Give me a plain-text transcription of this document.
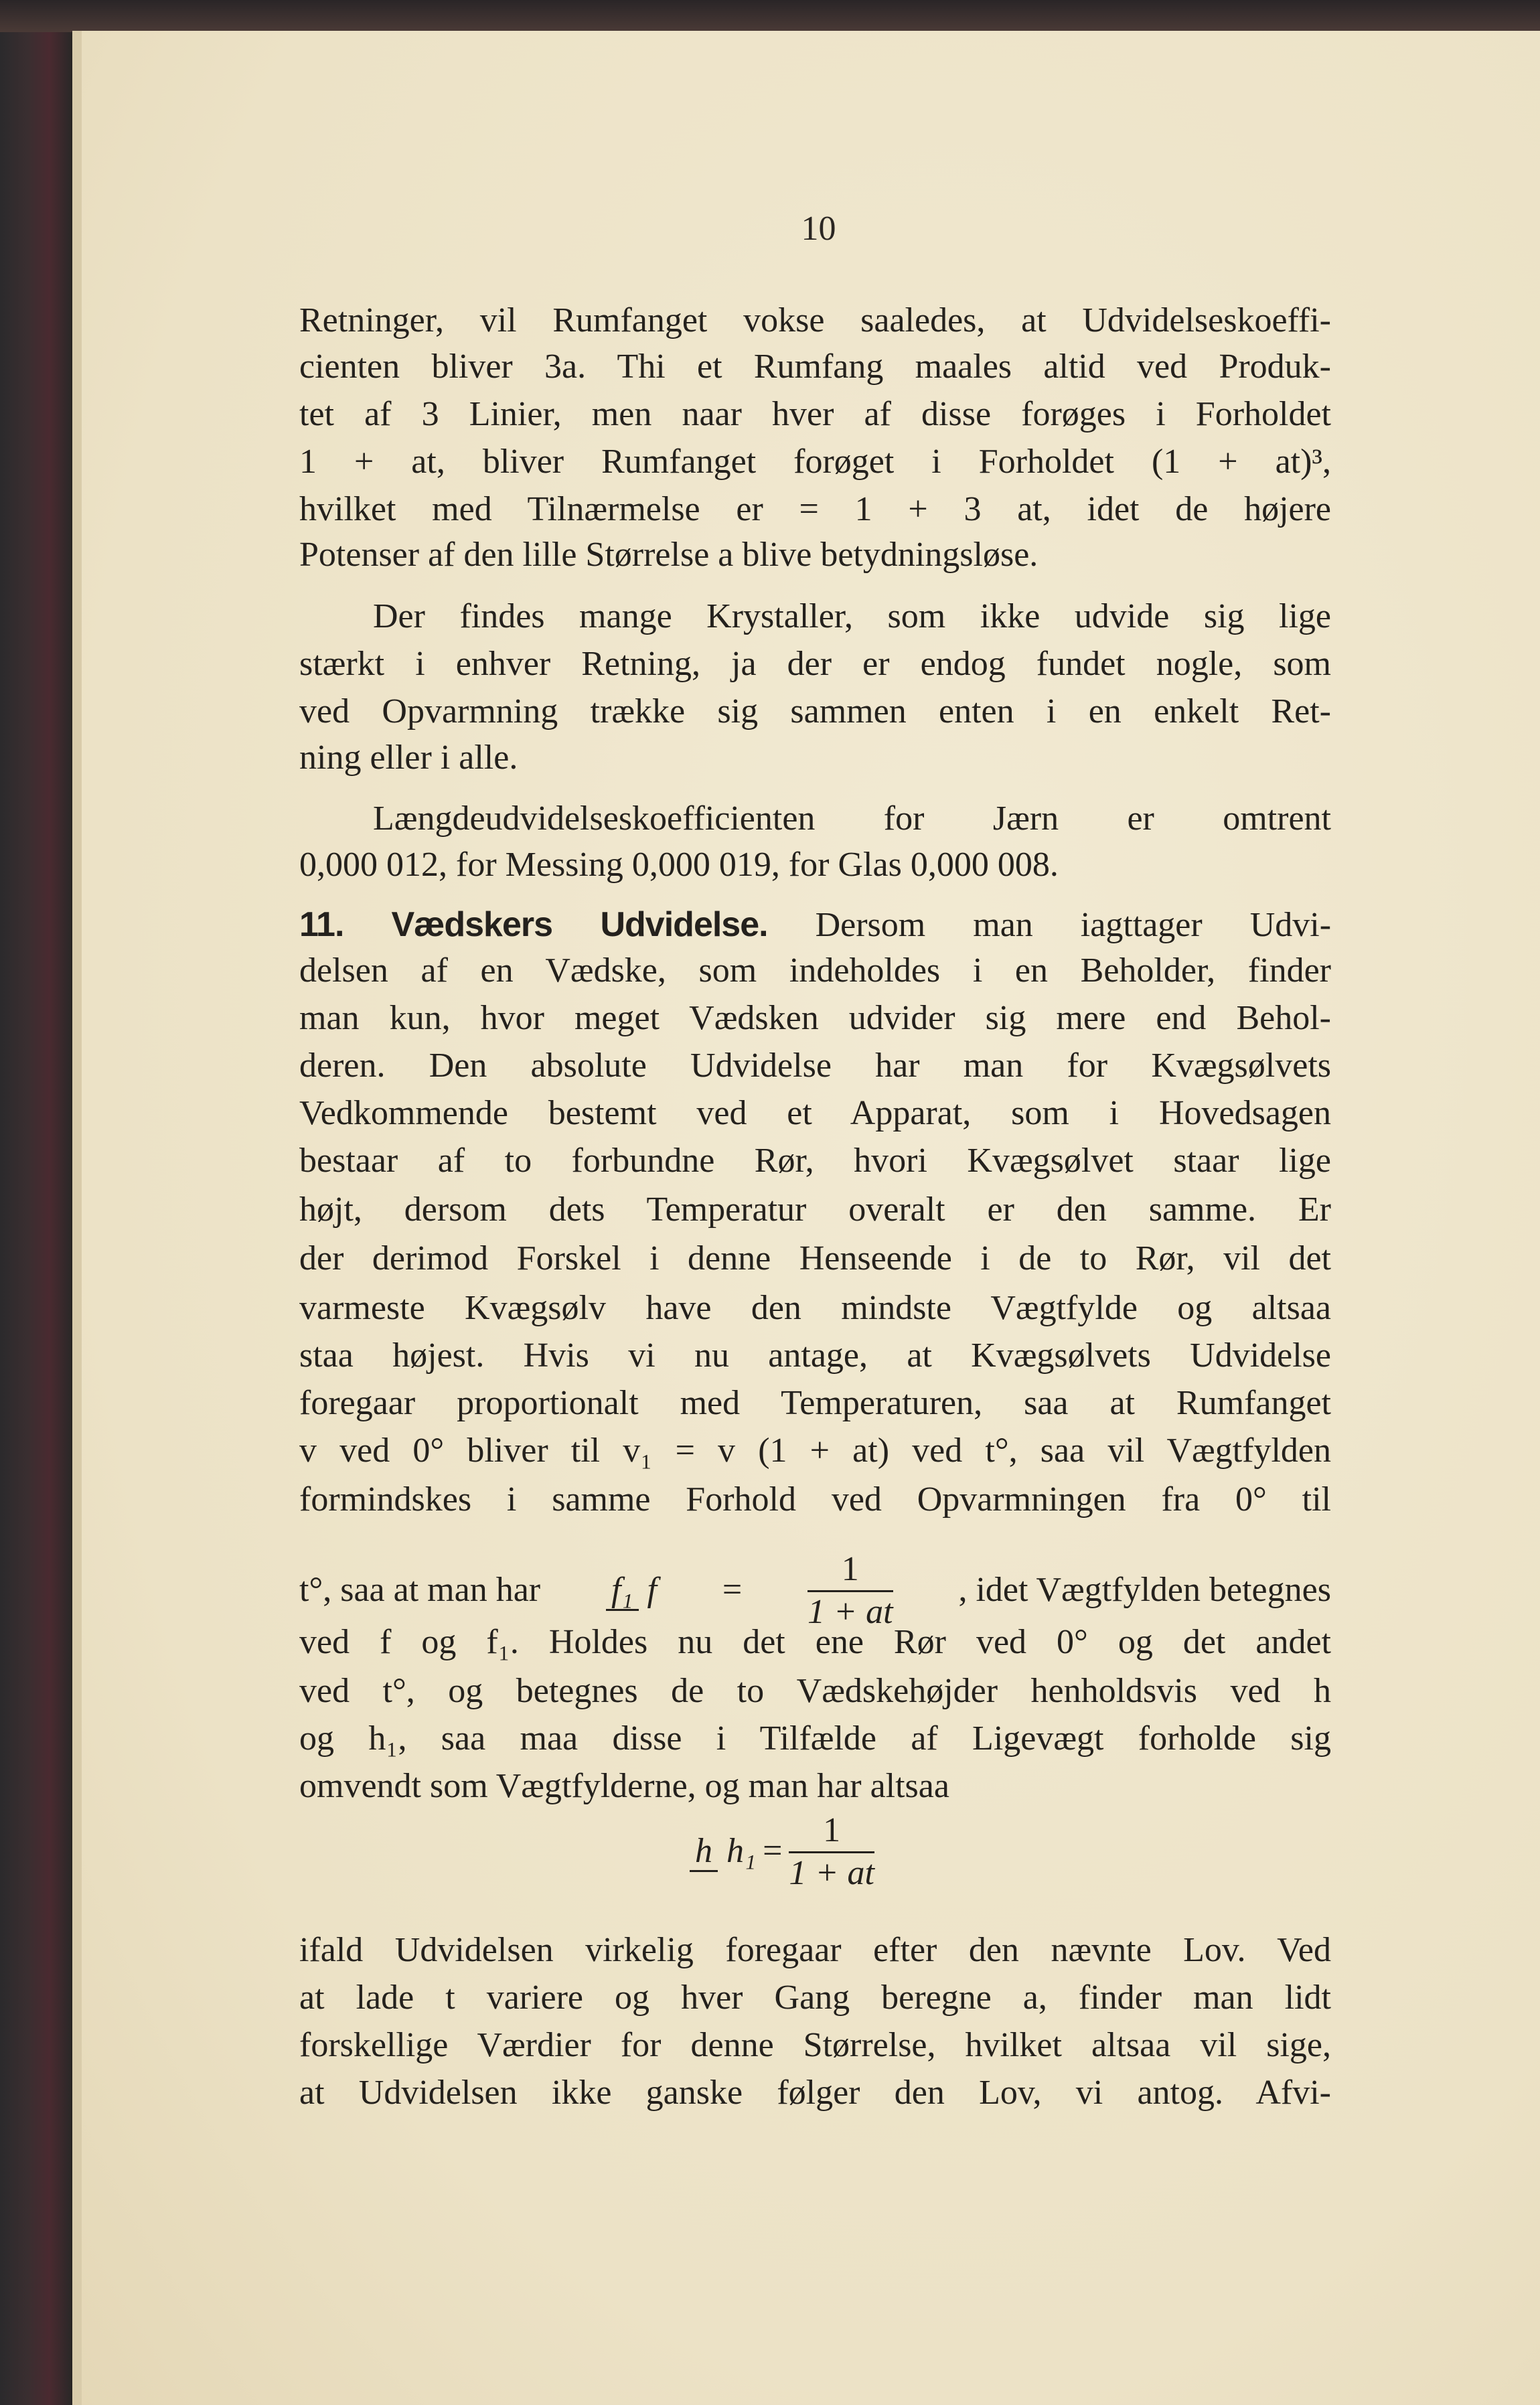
10
11. Vædskers Udvidelse. Dersom man iagttager Udvi-
t°, saa at man har f₁ $f = \frac{1}{1 + at}$ , idet Vægtfylden betegnes
h $h_1 = \frac{1}{1 + at}$
Retninger, vil Rumfanget vokse saaledes, at Udvidelseskoeffi-
cienten bliver 3a. Thi et Rumfang maales altid ved Produk-
tet af 3 Linier, men naar hver af disse forøges i Forholdet
1 + at, bliver Rumfanget forøget i Forholdet (1 + at)³,
hvilket med Tilnærmelse er = 1 + 3 at, idet de højere
Potenser af den lille Størrelse a blive betydningsløse.
Der findes mange Krystaller, som ikke udvide sig lige
stærkt i enhver Retning, ja der er endog fundet nogle, som
ved Opvarmning trække sig sammen enten i en enkelt Ret-
ning eller i alle.
Længdeudvidelseskoefficienten for Jærn er omtrent
0,000 012, for Messing 0,000 019, for Glas 0,000 008.
delsen af en Vædske, som indeholdes i en Beholder, finder
man kun, hvor meget Vædsken udvider sig mere end Behol-
deren. Den absolute Udvidelse har man for Kvægsølvets
Vedkommende bestemt ved et Apparat, som i Hovedsagen
bestaar af to forbundne Rør, hvori Kvægsølvet staar lige
højt, dersom dets Temperatur overalt er den samme. Er
der derimod Forskel i denne Henseende i de to Rør, vil det
varmeste Kvægsølv have den mindste Vægtfylde og altsaa
staa højest. Hvis vi nu antage, at Kvægsølvets Udvidelse
foregaar proportionalt med Temperaturen, saa at Rumfanget
v ved 0° bliver til v₁ = v (1 + at) ved t°, saa vil Vægtfylden
formindskes i samme Forhold ved Opvarmningen fra 0° til
ved f og f₁. Holdes nu det ene Rør ved 0° og det andet
ved t°, og betegnes de to Vædskehøjder henholdsvis ved h
og h₁, saa maa disse i Tilfælde af Ligevægt forholde sig
omvendt som Vægtfylderne, og man har altsaa
ifald Udvidelsen virkelig foregaar efter den nævnte Lov. Ved
at lade t variere og hver Gang beregne a, finder man lidt
forskellige Værdier for denne Størrelse, hvilket altsaa vil sige,
at Udvidelsen ikke ganske følger den Lov, vi antog. Afvi-
